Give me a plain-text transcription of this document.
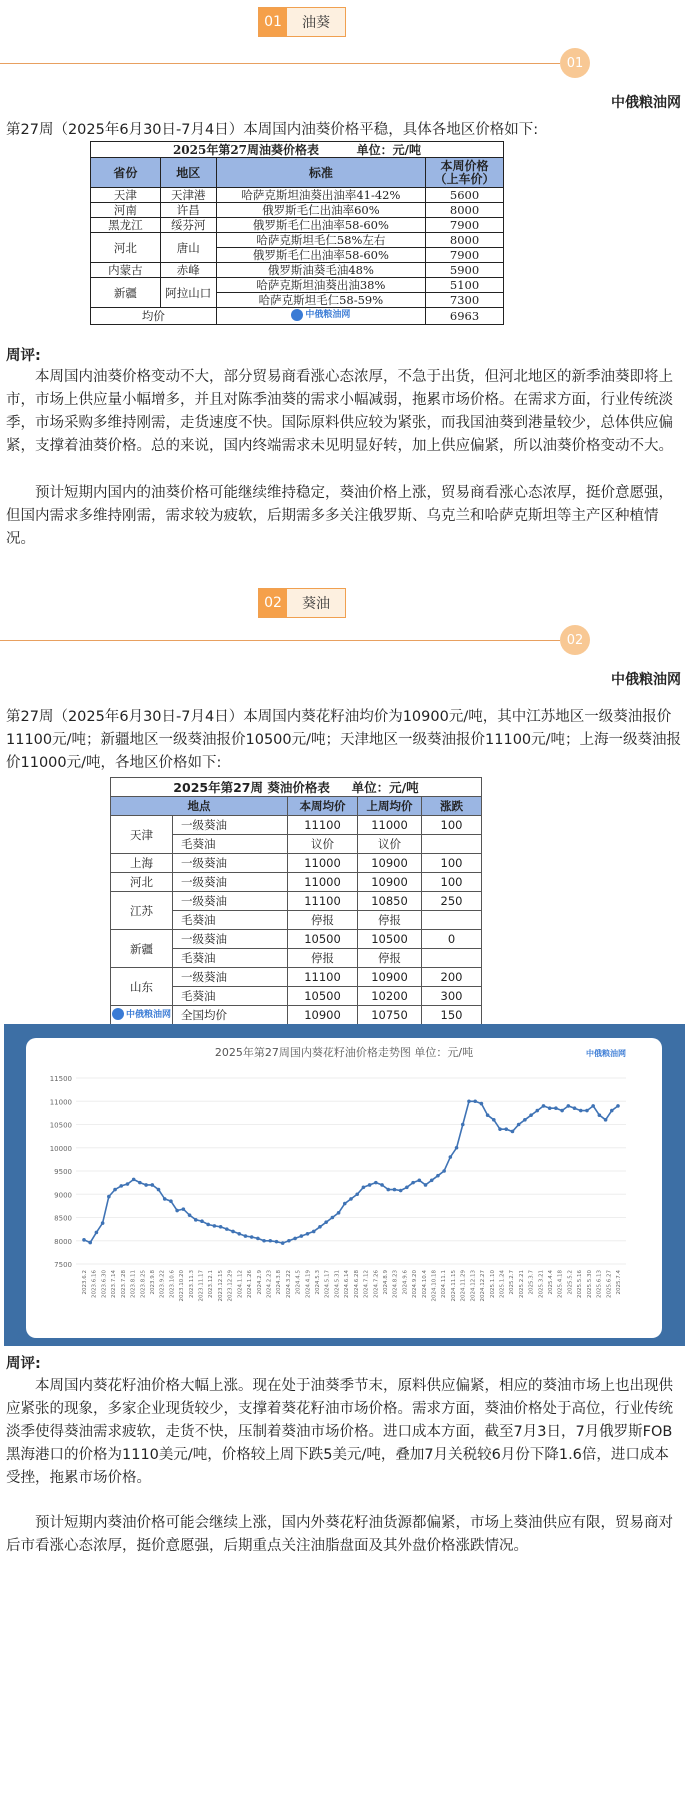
01	油葵
01
中俄粮油网
第27周（2025年6月30日-7月4日）本周国内油葵价格平稳，具体各地区价格如下:
2025年第27周油葵价格表 单位：元/吨			
省份	地区	标准	本周价格
（上车价）

天津	天津港	哈萨克斯坦油葵出油率41-42%	5600
河南	许昌	俄罗斯毛仁出油率60%	8000
黑龙江	绥芬河	俄罗斯毛仁出油率58-60%	7900
河北	唐山	哈萨克斯坦毛仁58%左右	8000
		俄罗斯毛仁出油率58-60%	7900
内蒙古	赤峰	俄罗斯油葵毛油48%	5900
新疆	阿拉山口	哈萨克斯坦油葵出油38%	5100
		哈萨克斯坦毛仁58-59%	7300
均价		中俄粮油网	6963
周评:
本周国内油葵价格变动不大，部分贸易商看涨心态浓厚，不急于出货，但河北地区的新季油葵即将上市，市场上供应量小幅增多，并且对陈季油葵的需求小幅减弱，拖累市场价格。在需求方面，行业传统淡季，市场采购多维持刚需，走货速度不快。国际原料供应较为紧张，而我国油葵到港量较少，总体供应偏紧，支撑着油葵价格。总的来说，国内终端需求未见明显好转，加上供应偏紧，所以油葵价格变动不大。
预计短期内国内的油葵价格可能继续维持稳定，葵油价格上涨，贸易商看涨心态浓厚，挺价意愿强，但国内需求多维持刚需，需求较为疲软，后期需多多关注俄罗斯、乌克兰和哈萨克斯坦等主产区种植情况。
02	葵油
02
中俄粮油网
第27周（2025年6月30日-7月4日）本周国内葵花籽油均价为10900元/吨，其中江苏地区一级葵油报价11100元/吨；新疆地区一级葵油报价10500元/吨；天津地区一级葵油报价11100元/吨；上海一级葵油报价11000元/吨，各地区价格如下:
2025年第27周 葵油价格表 单位：元/吨				
地点		本周均价	上周均价	涨跌
天津	一级葵油	11100	11000	100
	毛葵油	议价	议价	
上海	一级葵油	11000	10900	100
河北	一级葵油	11000	10900	100
江苏	一级葵油	11100	10850	250
	毛葵油	停报	停报	
新疆	一级葵油	10500	10500	0
	毛葵油	停报	停报	
山东	一级葵油	11100	10900	200
	毛葵油	10500	10200	300

中俄粮油网	全国均价	10900	10750	150
2025年第27周国内葵花籽油价格走势图 单位：元/吨	中俄粮油网
7500
8000
8500
9000
9500
10000
10500
11000
11500
2023.6.2 2023.6.16 2023.6.30 2023.7.14 2023.7.28 2023.8.11 2023.8.25 2023.9.8 2023.9.22 2023.10.6 2023.10.20 2023.11.3 2023.11.17 2023.12.1 2023.12.15 2023.12.29 2024.1.12 2024.1.26 2024.2.9 2024.2.23 2024.3.8 2024.3.22 2024.4.5 2024.4.19 2024.5.3 2024.5.17 2024.5.31 2024.6.14 2024.6.28 2024.7.12 2024.7.26 2024.8.9 2024.8.23 2024.9.6 2024.9.20 2024.10.4 2024.10.18 2024.11.1 2024.11.15 2024.11.29 2024.12.13 2024.12.27 2025.1.10 2025.1.24 2025.2.7 2025.2.21 2025.3.7 2025.3.21 2025.4.4 2025.4.18 2025.5.2 2025.5.16 2025.5.30 2025.6.13 2025.6.27 2025.7.4
周评:
本周国内葵花籽油价格大幅上涨。现在处于油葵季节末，原料供应偏紧，相应的葵油市场上也出现供应紧张的现象，多家企业现货较少，支撑着葵花籽油市场价格。需求方面，葵油价格处于高位，行业传统淡季使得葵油需求疲软，走货不快，压制着葵油市场价格。进口成本方面，截至7月3日，7月俄罗斯FOB黑海港口的价格为1110美元/吨，价格较上周下跌5美元/吨，叠加7月关税较6月份下降1.6倍，进口成本受挫，拖累市场价格。
预计短期内葵油价格可能会继续上涨，国内外葵花籽油货源都偏紧，市场上葵油供应有限，贸易商对后市看涨心态浓厚，挺价意愿强，后期重点关注油脂盘面及其外盘价格涨跌情况。
